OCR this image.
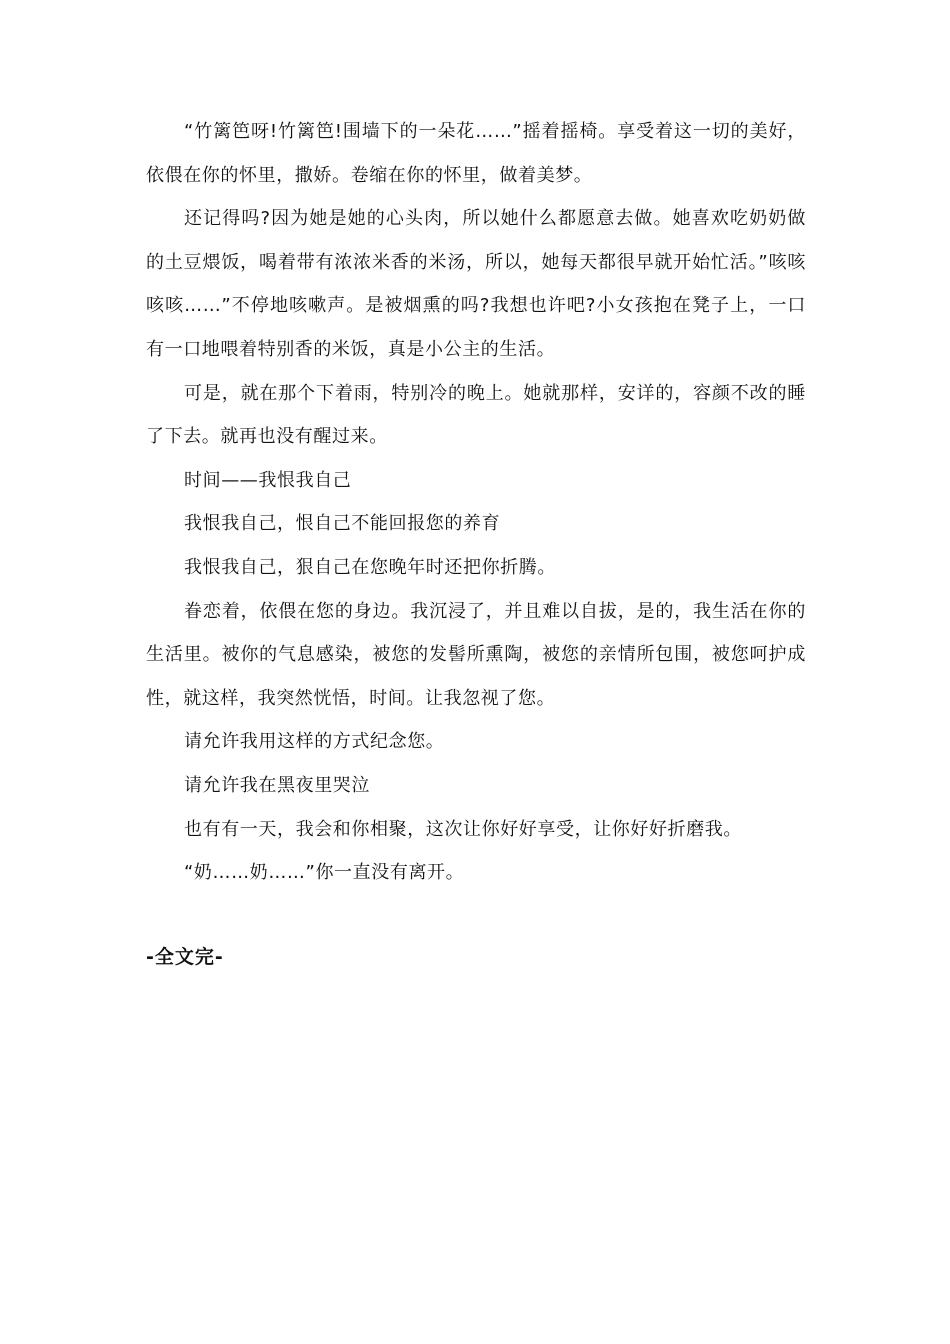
“竹篱笆呀!竹篱笆!围墙下的一朵花……”摇着摇椅。享受着这一切的美好，依偎在你的怀里，撒娇。卷缩在你的怀里，做着美梦。

还记得吗?因为她是她的心头肉，所以她什么都愿意去做。她喜欢吃奶奶做的土豆煨饭，喝着带有浓浓米香的米汤，所以，她每天都很早就开始忙活。”咳咳咳咳……”不停地咳嗽声。是被烟熏的吗?我想也许吧?小女孩抱在凳子上，一口有一口地喂着特别香的米饭，真是小公主的生活。

可是，就在那个下着雨，特别冷的晚上。她就那样，安详的，容颜不改的睡了下去。就再也没有醒过来。

时间——我恨我自己

我恨我自己，恨自己不能回报您的养育

我恨我自己，狠自己在您晚年时还把你折腾。

眷恋着，依偎在您的身边。我沉浸了，并且难以自拔，是的，我生活在你的生活里。被你的气息感染，被您的发髻所熏陶，被您的亲情所包围，被您呵护成性，就这样，我突然恍悟，时间。让我忽视了您。

请允许我用这样的方式纪念您。

请允许我在黑夜里哭泣

也有有一天，我会和你相聚，这次让你好好享受，让你好好折磨我。

“奶……奶……”你一直没有离开。

-全文完-
